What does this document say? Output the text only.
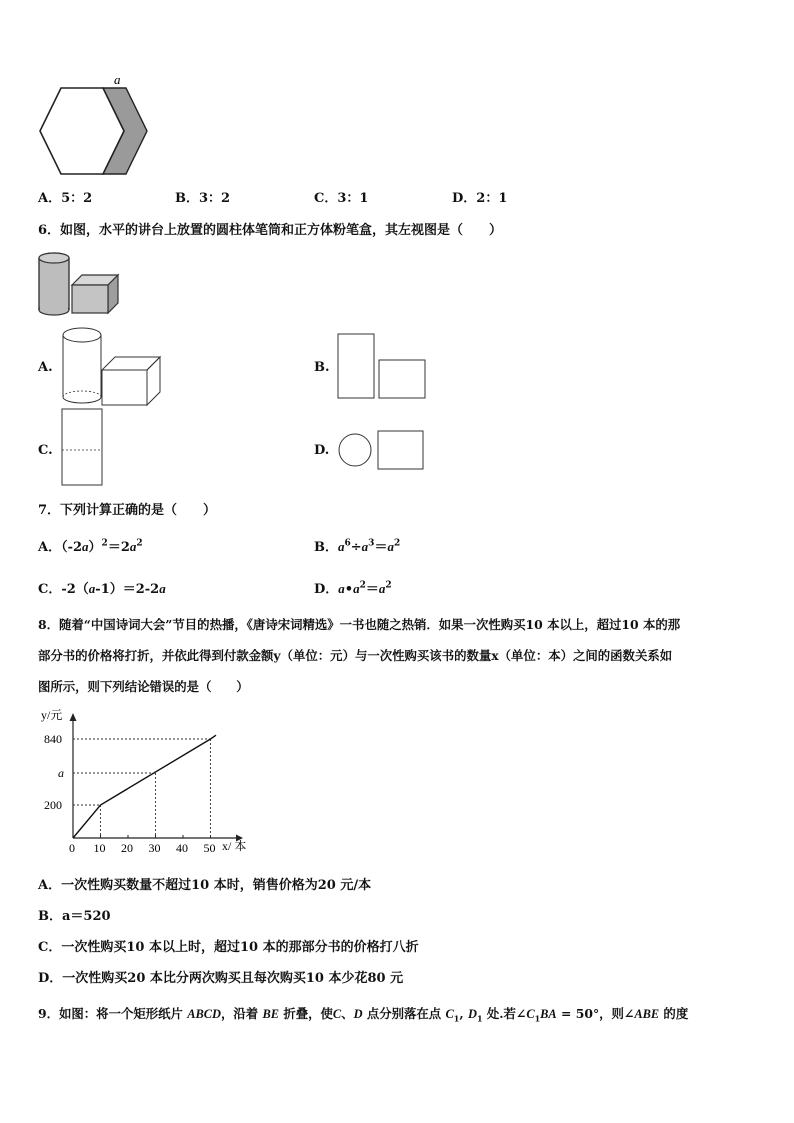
a
A．5：2	B．3：2	C．3：1	D．2：1
6．如图，水平的讲台上放置的圆柱体笔筒和正方体粉笔盒，其左视图是（　　）
A.	B.
C.	D.
7．下列计算正确的是（　　）
A．$(-2a)^2=2a^2$	B．$a^6\div a^3=a^2$
C．-2（a-1）＝2-2a	D．$a•a^2=a^2$
8．随着“中国诗词大会”节目的热播，《唐诗宋词精选》一书也随之热销．如果一次性购买10 本以上，超过10 本的那
部分书的价格将打折，并依此得到付款金额y（单位：元）与一次性购买该书的数量x（单位：本）之间的函数关系如
图所示，则下列结论错误的是（　　）
0 10 20 30 40 50
200
a
840
y/元
x/ 本
A．一次性购买数量不超过10 本时，销售价格为20 元/本
B．a＝520
C．一次性购买10 本以上时，超过10 本的那部分书的价格打八折
D．一次性购买20 本比分两次购买且每次购买10 本少花80 元
9．如图：将一个矩形纸片 ABCD，沿着 BE 折叠，使C、D 点分别落在点 $C_1$, $D_1$ 处.若$\angle C_1BA = 50^\circ$，则∠ABE 的度
